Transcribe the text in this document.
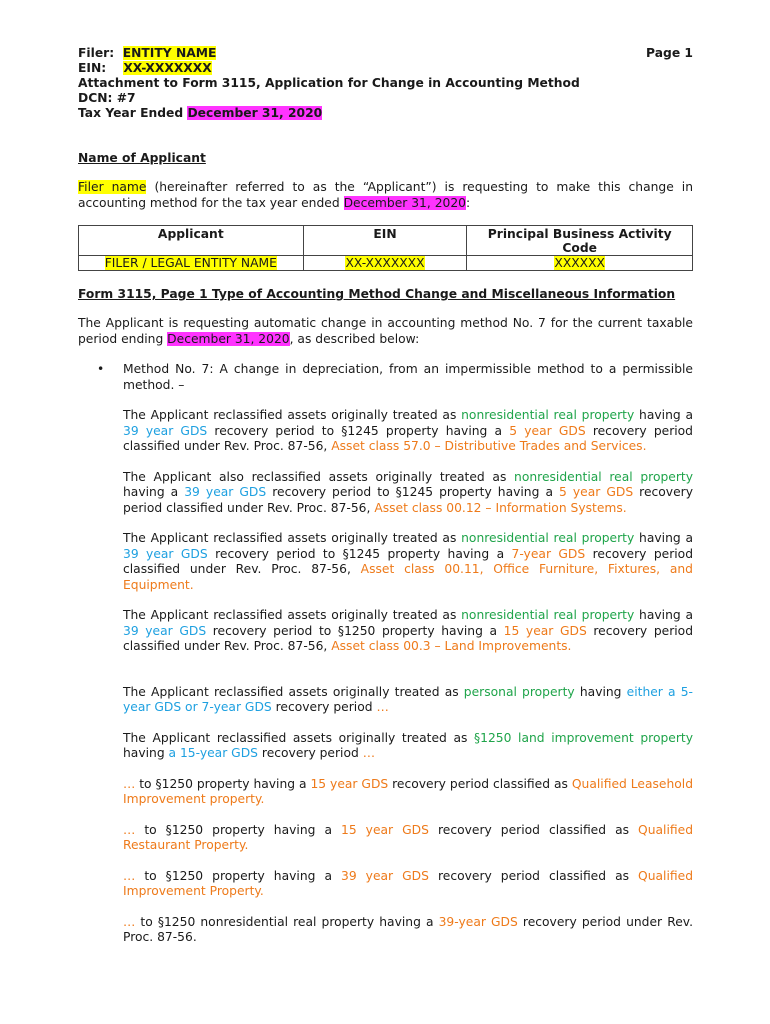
Filer: ENTITY NAME	Page 1
EIN: XX-XXXXXXX
Attachment to Form 3115, Application for Change in Accounting Method
DCN: #7
Tax Year Ended December 31, 2020
Name of Applicant

Filer name (hereinafter referred to as the “Applicant”) is requesting to make this change in accounting method for the tax year ended December 31, 2020:

Applicant	EIN	Principal Business Activity Code
FILER / LEGAL ENTITY NAME	XX-XXXXXXX	XXXXXX
Form 3115, Page 1 Type of Accounting Method Change and Miscellaneous Information

The Applicant is requesting automatic change in accounting method No. 7 for the current taxable period ending December 31, 2020, as described below:

• Method No. 7: A change in depreciation, from an impermissible method to a permissible method. –

The Applicant reclassified assets originally treated as nonresidential real property having a 39 year GDS recovery period to §1245 property having a 5 year GDS recovery period classified under Rev. Proc. 87-56, Asset class 57.0 – Distributive Trades and Services.

The Applicant also reclassified assets originally treated as nonresidential real property having a 39 year GDS recovery period to §1245 property having a 5 year GDS recovery period classified under Rev. Proc. 87-56, Asset class 00.12 – Information Systems.

The Applicant reclassified assets originally treated as nonresidential real property having a 39 year GDS recovery period to §1245 property having a 7-year GDS recovery period classified under Rev. Proc. 87-56, Asset class 00.11, Office Furniture, Fixtures, and Equipment.

The Applicant reclassified assets originally treated as nonresidential real property having a 39 year GDS recovery period to §1250 property having a 15 year GDS recovery period classified under Rev. Proc. 87-56, Asset class 00.3 – Land Improvements.

The Applicant reclassified assets originally treated as personal property having either a 5-year GDS or 7-year GDS recovery period …

The Applicant reclassified assets originally treated as §1250 land improvement property having a 15-year GDS recovery period …

… to §1250 property having a 15 year GDS recovery period classified as Qualified Leasehold Improvement property.

… to §1250 property having a 15 year GDS recovery period classified as Qualified Restaurant Property.

… to §1250 property having a 39 year GDS recovery period classified as Qualified Improvement Property.

… to §1250 nonresidential real property having a 39-year GDS recovery period under Rev. Proc. 87-56.
